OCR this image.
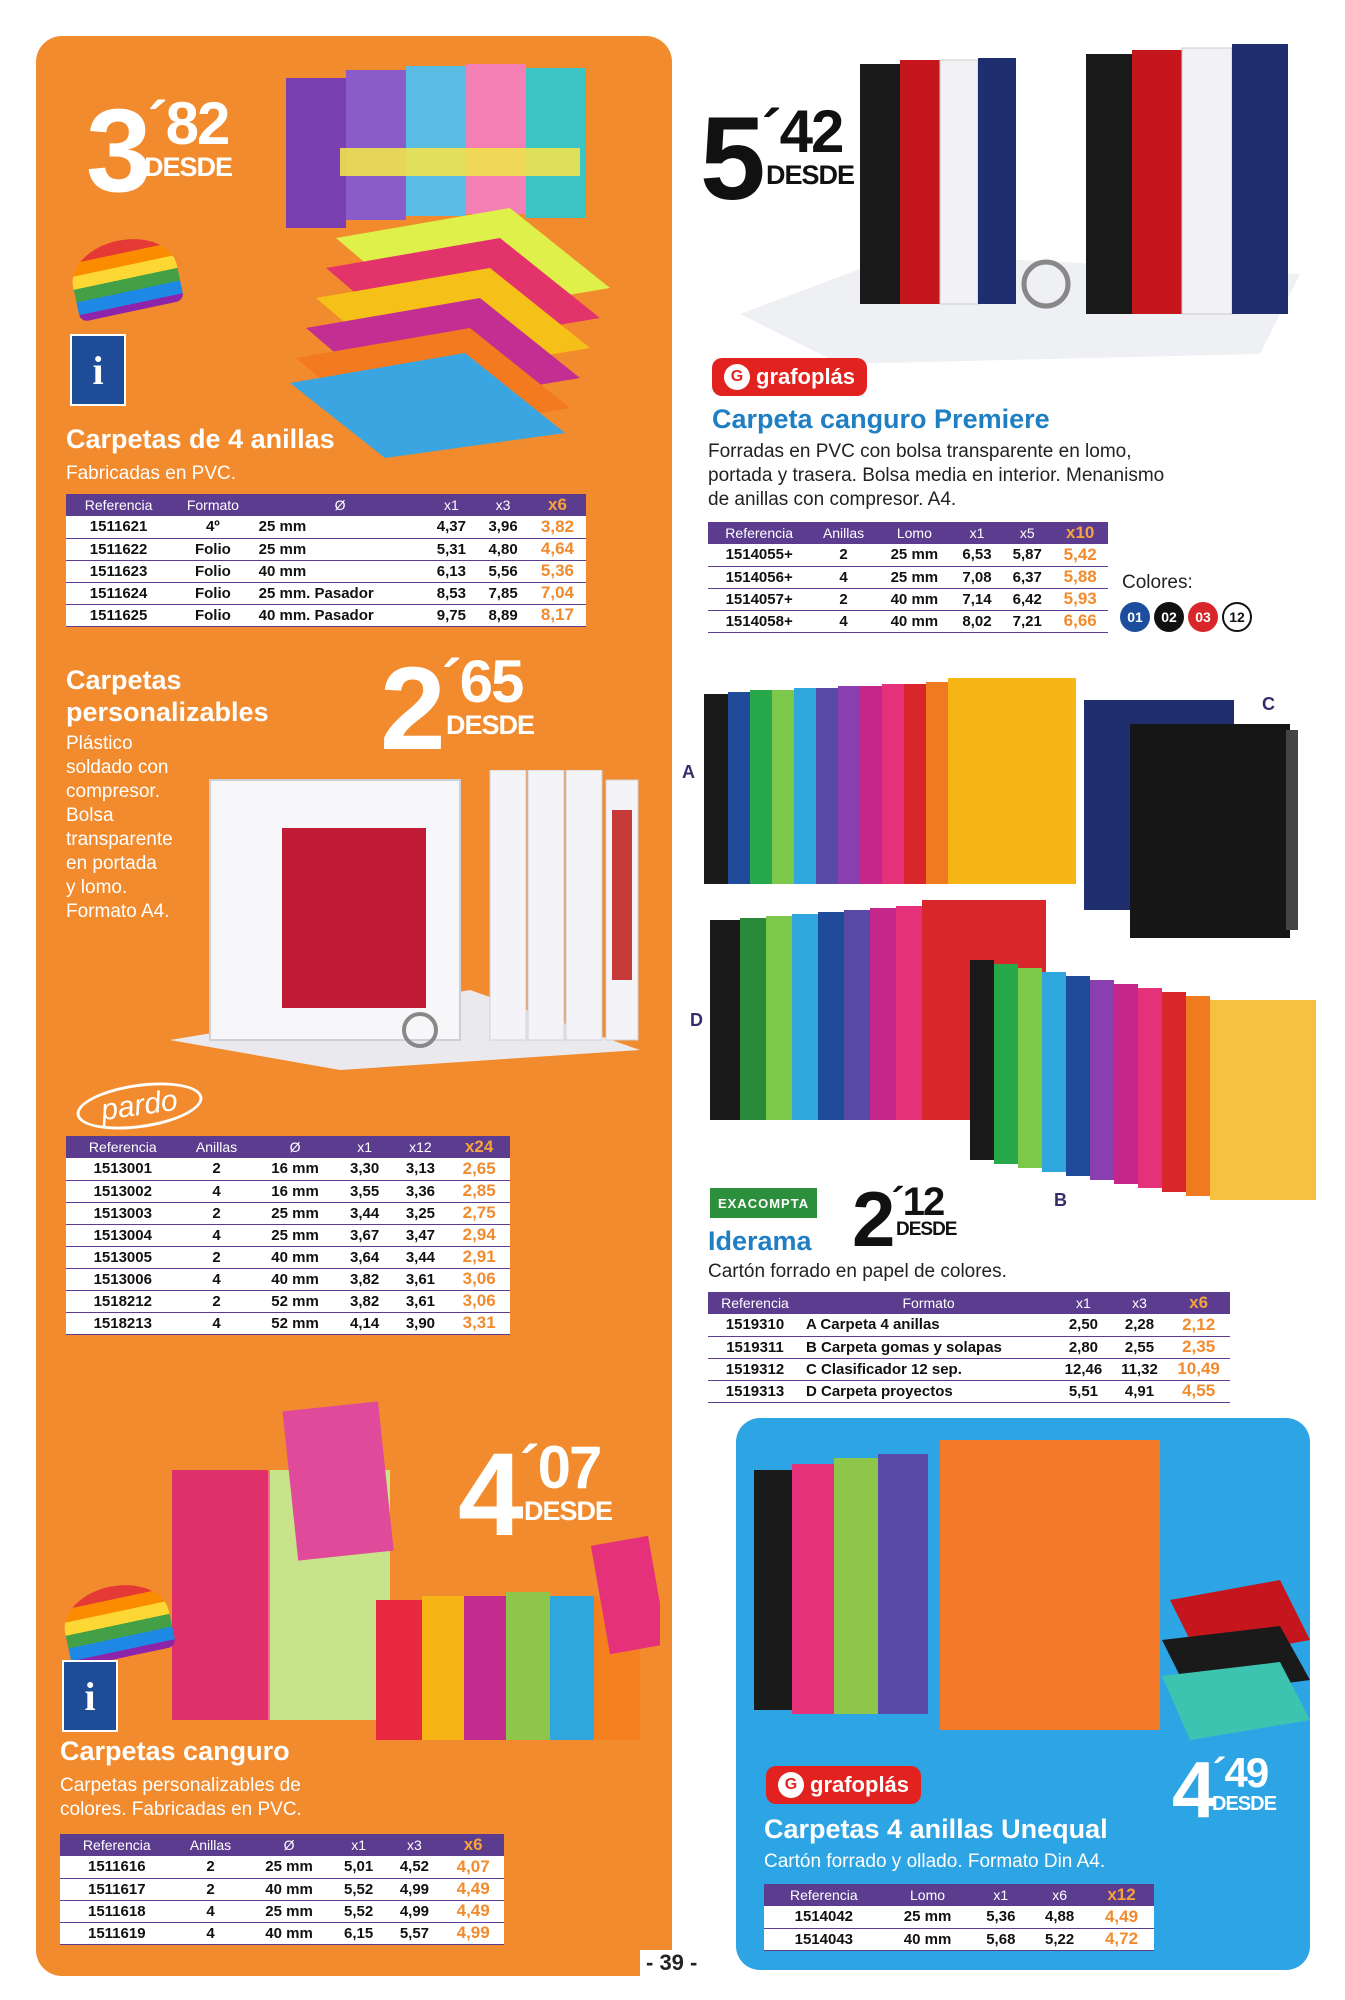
3´82
DESDE
i
Carpetas de 4 anillas
Fabricadas en PVC.
Referencia	Formato	Ø	x1	x3	x6
1511621	4º	25 mm	4,37	3,96	3,82
1511622	Folio	25 mm	5,31	4,80	4,64
1511623	Folio	40 mm	6,13	5,56	5,36
1511624	Folio	25 mm. Pasador	8,53	7,85	7,04
1511625	Folio	40 mm. Pasador	9,75	8,89	8,17
Carpetas
personalizables
Plástico
soldado con
compresor.
Bolsa
transparente
en portada
y lomo.
Formato A4.
2´65
DESDE
pardo
Referencia	Anillas	Ø	x1	x12	x24
1513001	2	16 mm	3,30	3,13	2,65
1513002	4	16 mm	3,55	3,36	2,85
1513003	2	25 mm	3,44	3,25	2,75
1513004	4	25 mm	3,67	3,47	2,94
1513005	2	40 mm	3,64	3,44	2,91
1513006	4	40 mm	3,82	3,61	3,06
1518212	2	52 mm	3,82	3,61	3,06
1518213	4	52 mm	4,14	3,90	3,31
4´07
DESDE
i
Carpetas canguro
Carpetas personalizables de
colores. Fabricadas en PVC.
Referencia	Anillas	Ø	x1	x3	x6
1511616	2	25 mm	5,01	4,52	4,07
1511617	2	40 mm	5,52	4,99	4,49
1511618	4	25 mm	5,52	4,99	4,49
1511619	4	40 mm	6,15	5,57	4,99
5´42
DESDE
G grafoplás
Carpeta canguro Premiere
Forradas en PVC con bolsa transparente en lomo,
portada y trasera. Bolsa media en interior. Menanismo
de anillas con compresor. A4.
Referencia	Anillas	Lomo	x1	x5	x10
1514055+	2	25 mm	6,53	5,87	5,42
1514056+	4	25 mm	7,08	6,37	5,88
1514057+	2	40 mm	7,14	6,42	5,93
1514058+	4	40 mm	8,02	7,21	6,66
Colores:
01	02	03	12
A
C
D
B
EXACOMPTA 2´12
DESDE
Iderama
Cartón forrado en papel de colores.
Referencia	Formato	x1	x3	x6
1519310	A Carpeta 4 anillas	2,50	2,28	2,12
1519311	B Carpeta gomas y solapas	2,80	2,55	2,35
1519312	C Clasificador 12 sep.	12,46	11,32	10,49
1519313	D Carpeta proyectos	5,51	4,91	4,55
G grafoplás	4´49
DESDE
Carpetas 4 anillas Unequal
Cartón forrado y ollado. Formato Din A4.
Referencia	Lomo	x1	x6	x12
1514042	25 mm	5,36	4,88	4,49
1514043	40 mm	5,68	5,22	4,72
- 39 -
